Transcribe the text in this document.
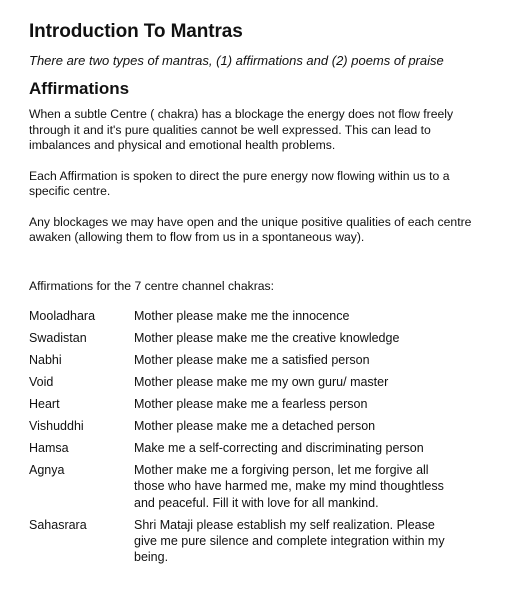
Introduction To Mantras

There are two types of mantras, (1) affirmations and (2) poems of praise

Affirmations

When a subtle Centre ( chakra) has a blockage the energy does not flow freely through it and it's pure qualities cannot be well expressed. This can lead to imbalances and physical and emotional health problems.

Each Affirmation is spoken to direct the pure energy now flowing within us to a specific centre.

Any blockages we may have open and the unique positive qualities of each centre awaken (allowing them to flow from us in a spontaneous way).

Affirmations for the 7 centre channel chakras:

Mooladhara	Mother please make me the innocence
Swadistan	Mother please make me the creative knowledge
Nabhi	Mother please make me a satisfied person
Void	Mother please make me my own guru/ master
Heart	Mother please make me a fearless person
Vishuddhi	Mother please make me a detached person
Hamsa	Make me a self-correcting and discriminating person
Agnya	Mother make me a forgiving person, let me forgive all those who have harmed me, make my mind thoughtless and peaceful. Fill it with love for all mankind.
Sahasrara	Shri Mataji please establish my self realization. Please give me pure silence and complete integration within my being.
